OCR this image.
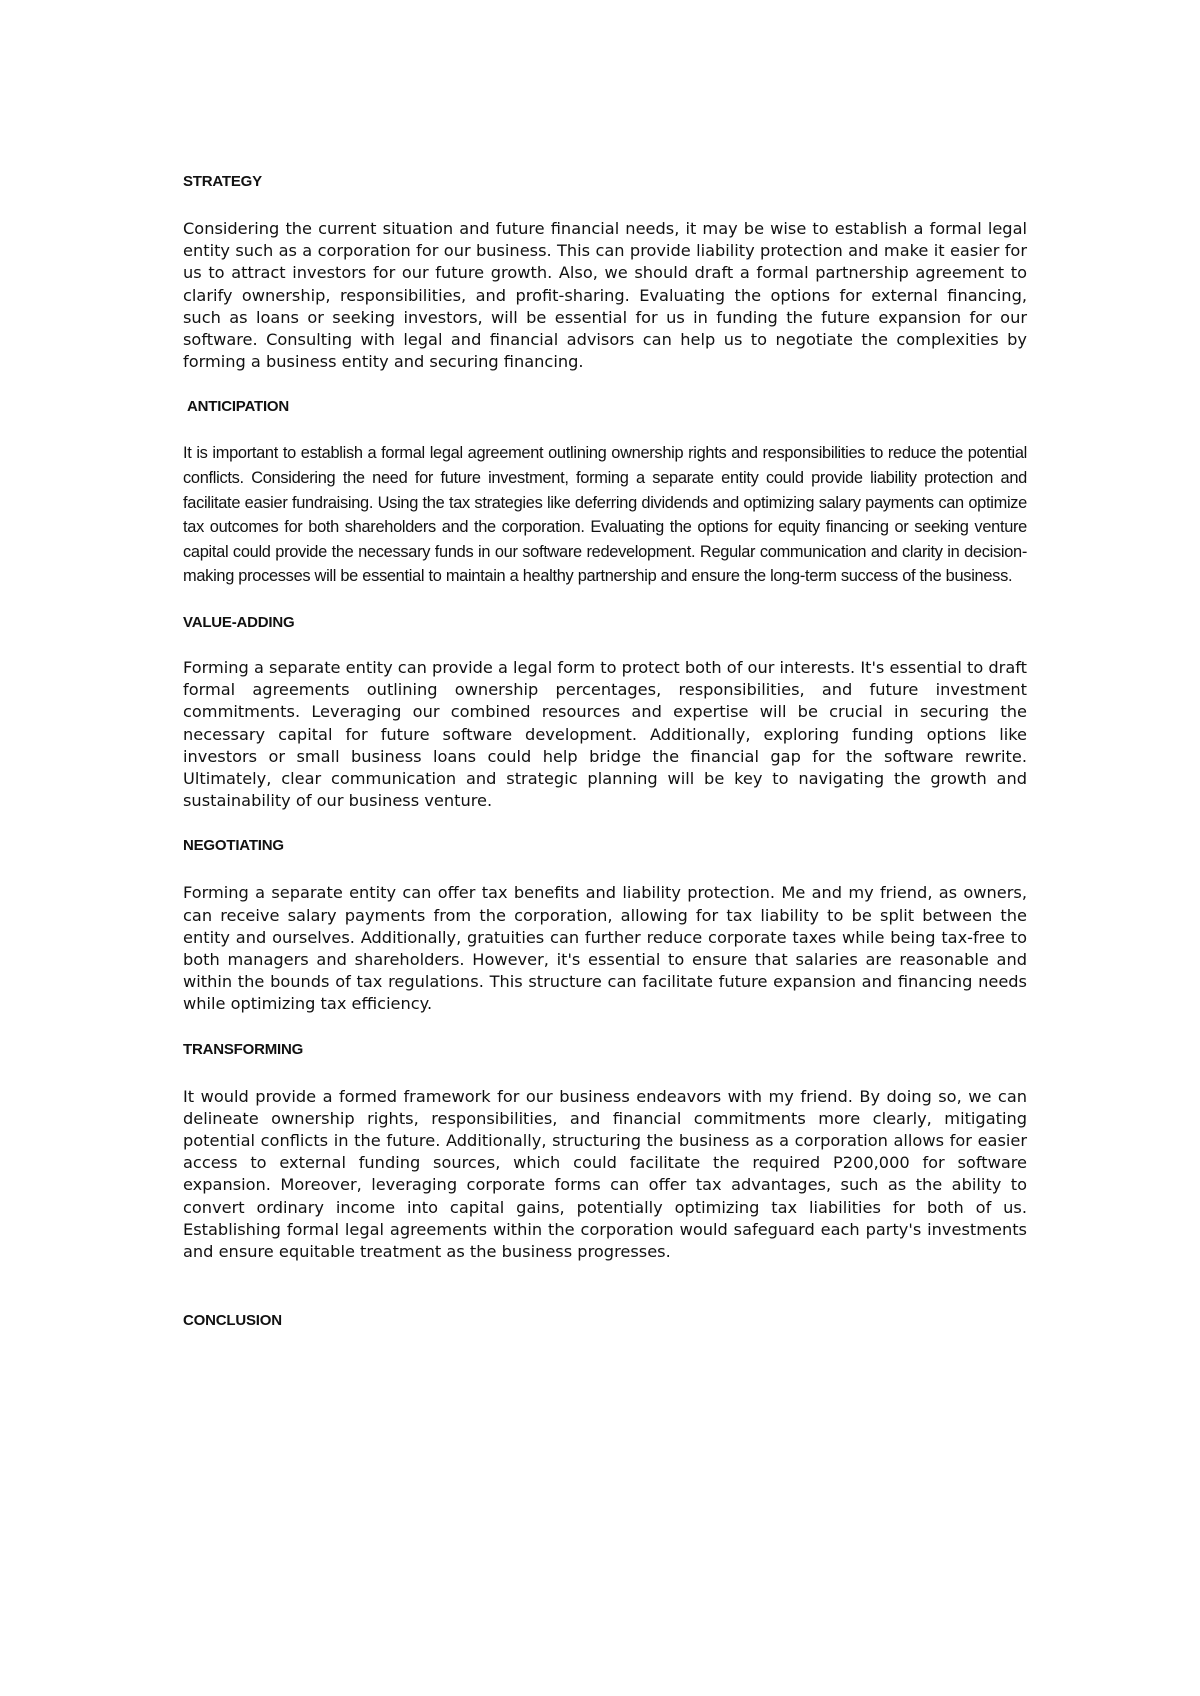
STRATEGY

Considering the current situation and future financial needs, it may be wise to establish a formal legal entity such as a corporation for our business. This can provide liability protection and make it easier for us to attract investors for our future growth. Also, we should draft a formal partnership agreement to clarify ownership, responsibilities, and profit-sharing. Evaluating the options for external financing, such as loans or seeking investors, will be essential for us in funding the future expansion for our software. Consulting with legal and financial advisors can help us to negotiate the complexities by forming a business entity and securing financing.

ANTICIPATION

It is important to establish a formal legal agreement outlining ownership rights and responsibilities to reduce the potential conflicts. Considering the need for future investment, forming a separate entity could provide liability protection and facilitate easier fundraising. Using the tax strategies like deferring dividends and optimizing salary payments can optimize tax outcomes for both shareholders and the corporation. Evaluating the options for equity financing or seeking venture capital could provide the necessary funds in our software redevelopment. Regular communication and clarity in decision-making processes will be essential to maintain a healthy partnership and ensure the long-term success of the business.

VALUE-ADDING

Forming a separate entity can provide a legal form to protect both of our interests. It's essential to draft formal agreements outlining ownership percentages, responsibilities, and future investment commitments. Leveraging our combined resources and expertise will be crucial in securing the necessary capital for future software development. Additionally, exploring funding options like investors or small business loans could help bridge the financial gap for the software rewrite. Ultimately, clear communication and strategic planning will be key to navigating the growth and sustainability of our business venture.

NEGOTIATING

Forming a separate entity can offer tax benefits and liability protection. Me and my friend, as owners, can receive salary payments from the corporation, allowing for tax liability to be split between the entity and ourselves. Additionally, gratuities can further reduce corporate taxes while being tax-free to both managers and shareholders. However, it's essential to ensure that salaries are reasonable and within the bounds of tax regulations. This structure can facilitate future expansion and financing needs while optimizing tax efficiency.

TRANSFORMING

It would provide a formed framework for our business endeavors with my friend. By doing so, we can delineate ownership rights, responsibilities, and financial commitments more clearly, mitigating potential conflicts in the future. Additionally, structuring the business as a corporation allows for easier access to external funding sources, which could facilitate the required P200,000 for software expansion. Moreover, leveraging corporate forms can offer tax advantages, such as the ability to convert ordinary income into capital gains, potentially optimizing tax liabilities for both of us. Establishing formal legal agreements within the corporation would safeguard each party's investments and ensure equitable treatment as the business progresses.

CONCLUSION
